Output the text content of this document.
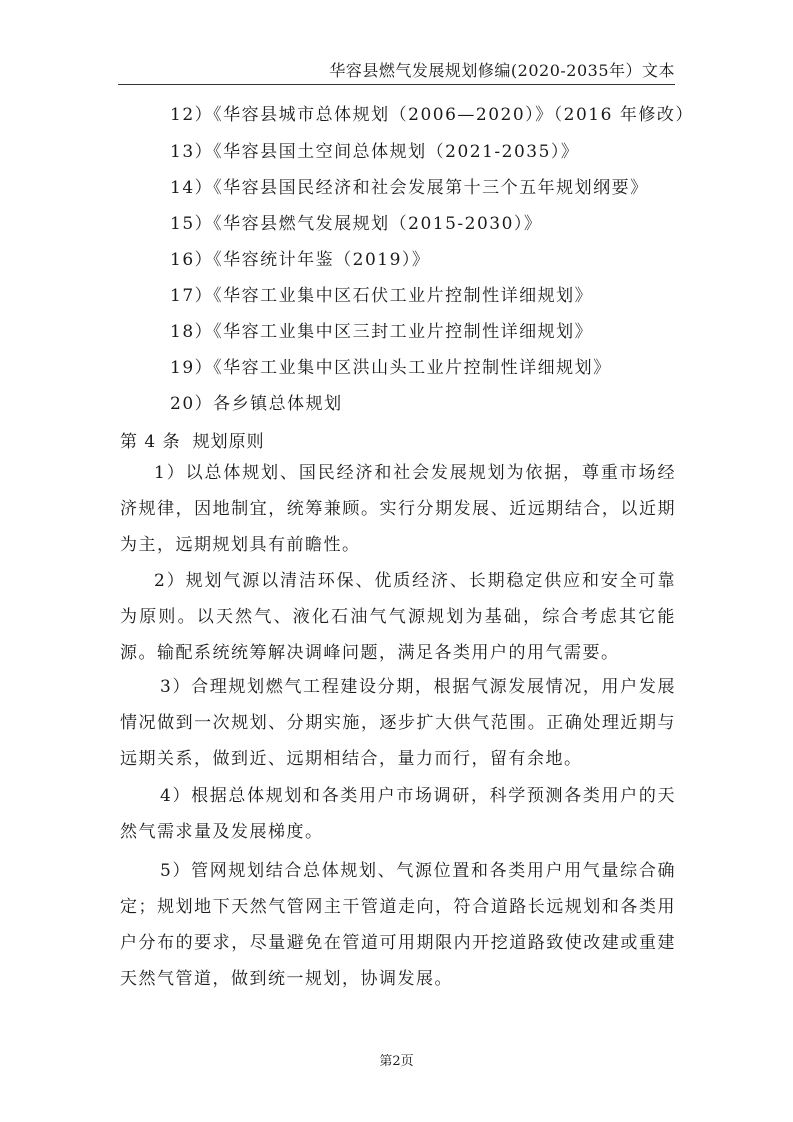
华容县燃气发展规划修编(2020-2035年）文本
12）《华容县城市总体规划（2006—2020）》（2016 年修改）
13）《华容县国土空间总体规划（2021-2035）》
14）《华容县国民经济和社会发展第十三个五年规划纲要》
15）《华容县燃气发展规划（2015-2030）》
16）《华容统计年鉴（2019）》
17）《华容工业集中区石伏工业片控制性详细规划》
18）《华容工业集中区三封工业片控制性详细规划》
19）《华容工业集中区洪山头工业片控制性详细规划》
20）各乡镇总体规划
第 4 条 规划原则
1）以总体规划、国民经济和社会发展规划为依据，尊重市场经济规律，因地制宜，统筹兼顾。实行分期发展、近远期结合，以近期为主，远期规划具有前瞻性。
2）规划气源以清洁环保、优质经济、长期稳定供应和安全可靠为原则。以天然气、液化石油气气源规划为基础，综合考虑其它能源。输配系统统筹解决调峰问题，满足各类用户的用气需要。
3）合理规划燃气工程建设分期，根据气源发展情况，用户发展情况做到一次规划、分期实施，逐步扩大供气范围。正确处理近期与远期关系，做到近、远期相结合，量力而行，留有余地。
4）根据总体规划和各类用户市场调研，科学预测各类用户的天然气需求量及发展梯度。
5）管网规划结合总体规划、气源位置和各类用户用气量综合确定；规划地下天然气管网主干管道走向，符合道路长远规划和各类用户分布的要求，尽量避免在管道可用期限内开挖道路致使改建或重建天然气管道，做到统一规划，协调发展。
第2页
